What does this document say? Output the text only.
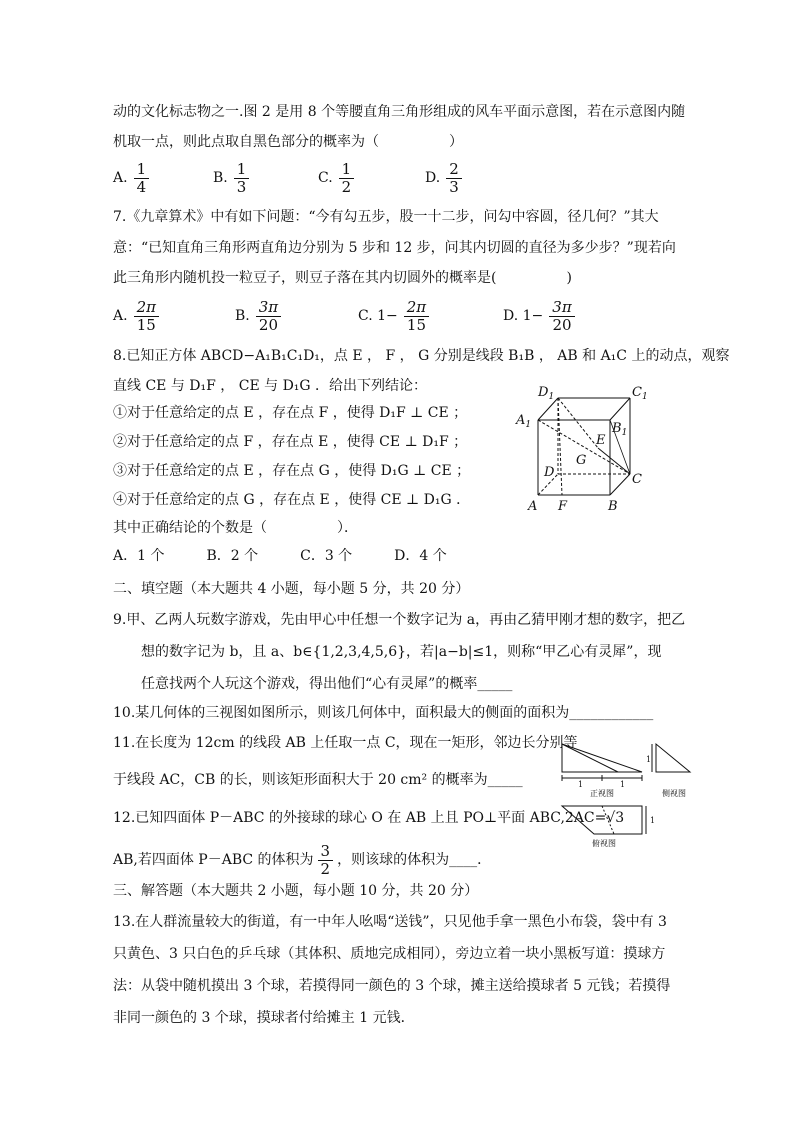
动的文化标志物之一.图 2 是用 8 个等腰直角三角形组成的风车平面示意图，若在示意图内随
机取一点，则此点取自黑色部分的概率为（　　　　　）
A. $\frac{1}{4}$	B. $\frac{1}{3}$	C. $\frac{1}{2}$	D. $\frac{2}{3}$
7.《九章算术》中有如下问题：“今有勾五步，股一十二步，问勾中容圆，径几何？”其大
意：“已知直角三角形两直角边分别为 5 步和 12 步，问其内切圆的直径为多少步？”现若向
此三角形内随机投一粒豆子，则豆子落在其内切圆外的概率是(　　　　　)
A. $\frac{2\pi}{15}$	B. $\frac{3\pi}{20}$	C.
$1- \frac{2\pi}{15}$	D.
$1- \frac{3\pi}{20}$
8.已知正方体 ABCD−A₁B₁C₁D₁，点 E ， F ， G 分别是线段 B₁B ， AB 和 A₁C 上的动点，观察
直线 CE 与 D₁F ， CE 与 D₁G ．给出下列结论：
①对于任意给定的点 E ，存在点 F ，使得 D₁F ⊥ CE ；
②对于任意给定的点 F ，存在点 E ，使得 CE ⊥ D₁F ；
③对于任意给定的点 E ，存在点 G ，使得 D₁G ⊥ CE ；
④对于任意给定的点 G ，存在点 E ，使得 CE ⊥ D₁G ．
其中正确结论的个数是（　　　　　）．
A．1 个　　　B．2 个　　　C．3 个　　　D．4 个
$D_1$	$C_1$
$A_1$	$B_1$
E
G
D	C
A F	B
二、填空题（本大题共 4 小题，每小题 5 分，共 20 分）
9.甲、乙两人玩数字游戏，先由甲心中任想一个数字记为 a，再由乙猜甲刚才想的数字，把乙
想的数字记为 b，且 a、b∈{1,2,3,4,5,6}，若|a−b|≤1，则称“甲乙心有灵犀”，现
任意找两个人玩这个游戏，得出他们“心有灵犀”的概率_____
10.某几何体的三视图如图所示，则该几何体中，面积最大的侧面的面积为____________
11.在长度为 12cm 的线段 AB 上任取一点 C，现在一矩形，邻边长分别等
于线段 AC，CB 的长，则该矩形面积大于 20 cm² 的概率为_____
12.已知四面体 P－ABC 的外接球的球心 O 在 AB 上且 PO⊥平面 ABC,2AC=√3
AB,若四面体 P－ABC 的体积为 $\frac{3}{2}$ ，则该球的体积为____．
1	1
1
1
正视图	侧视图
俯视图
三、解答题（本大题共 2 小题，每小题 10 分，共 20 分）
13.在人群流量较大的街道，有一中年人吆喝“送钱”，只见他手拿一黑色小布袋，袋中有 3
只黄色、3 只白色的乒乓球（其体积、质地完成相同），旁边立着一块小黑板写道：摸球方
法：从袋中随机摸出 3 个球，若摸得同一颜色的 3 个球，摊主送给摸球者 5 元钱；若摸得
非同一颜色的 3 个球，摸球者付给摊主 1 元钱．
